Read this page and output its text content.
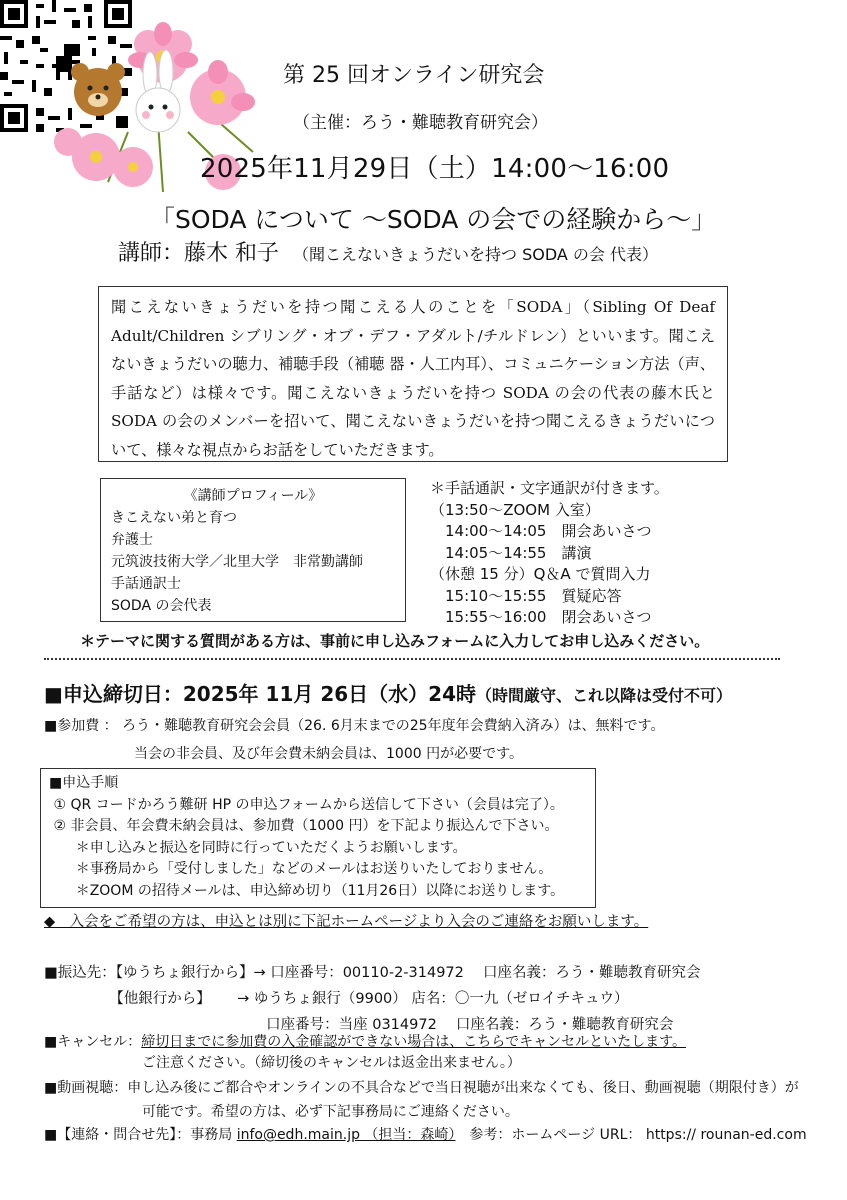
第 25 回オンライン研究会
（主催：ろう・難聴教育研究会）
2025年11月29日（土）14:00～16:00
「SODA について ～SODA の会での経験から～」
講師：藤木 和子 （聞こえないきょうだいを持つ SODA の会 代表）
聞こえないきょうだいを持つ聞こえる人のことを「SODA」（Sibling Of Deaf Adult/Children シブリング・オブ・デフ・アダルト/チルドレン）といいます。聞こえないきょうだいの聴力、補聴手段（補聴 器・人工内耳）、コミュニケーション方法（声、手話など）は様々です。聞こえないきょうだいを持つ SODA の会の代表の藤木氏と SODA の会のメンバーを招いて、聞こえないきょうだいを持つ聞こえるきょうだいについて、様々な視点からお話をしていただきます。
《講師プロフィール》
きこえない弟と育つ
弁護士
元筑波技術大学／北里大学　非常勤講師
手話通訳士
SODA の会代表
＊手話通訳・文字通訳が付きます。
（13:50～ZOOM 入室）
　14:00～14:05　開会あいさつ
　14:05～14:55　講演
（休憩 15 分）Q＆A で質問入力
　15:10～15:55　質疑応答
　15:55～16:00　閉会あいさつ
＊テーマに関する質問がある方は、事前に申し込みフォームに入力してお申し込みください。
■申込締切日：2025年 11月 26日（水）24時（時間厳守、これ以降は受付不可）
■参加費 ： ろう・難聴教育研究会会員（26. 6月末までの25年度年会費納入済み）は、無料です。
当会の非会員、及び年会費未納会員は、1000 円が必要です。
■申込手順
① QR コードかろう難研 HP の申込フォームから送信して下さい（会員は完了）。
② 非会員、年会費未納会員は、参加費（1000 円）を下記より振込んで下さい。
＊申し込みと振込を同時に行っていただくようお願いします。
＊事務局から「受付しました」などのメールはお送りいたしておりません。
＊ZOOM の招待メールは、申込締め切り（11月26日）以降にお送りします。
◆　入会をご希望の方は、申込とは別に下記ホームページより入会のご連絡をお願いします。
■振込先：【ゆうちょ銀行から】→ 口座番号：00110-2-314972 　口座名義：ろう・難聴教育研究会
　　　　　【他銀行から】　　 → ゆうちょ銀行（9900） 店名：〇一九（ゼロイチキュウ）
　　　　　　　　　　　　　　　 口座番号：当座 0314972 　口座名義：ろう・難聴教育研究会
■キャンセル：締切日までに参加費の入金確認ができない場合は、こちらでキャンセルといたします。
ご注意ください。（締切後のキャンセルは返金出来ません。）
■動画視聴：申し込み後にご都合やオンラインの不具合などで当日視聴が出来なくても、後日、動画視聴（期限付き）が
可能です。希望の方は、必ず下記事務局にご連絡ください。
■【連絡・問合せ先】：事務局 info@edh.main.jp （担当：森崎）　参考：ホームページ URL： https:// rounan-ed.com
